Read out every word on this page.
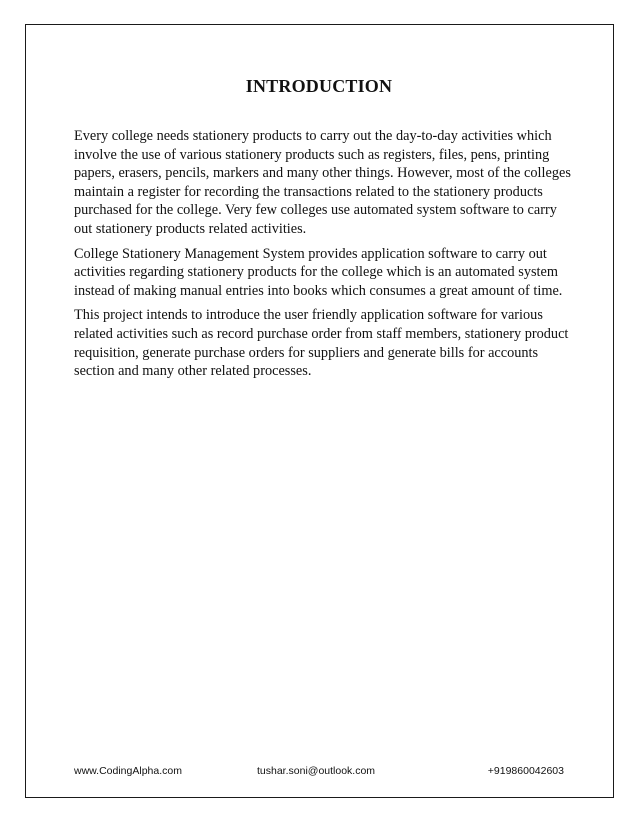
INTRODUCTION

Every college needs stationery products to carry out the day-to-day activities which involve the use of various stationery products such as registers, files, pens, printing papers, erasers, pencils, markers and many other things. However, most of the colleges maintain a register for recording the transactions related to the stationery products purchased for the college. Very few colleges use automated system software to carry out stationery products related activities.

College Stationery Management System provides application software to carry out activities regarding stationery products for the college which is an automated system instead of making manual entries into books which consumes a great amount of time.

This project intends to introduce the user friendly application software for various related activities such as record purchase order from staff members, stationery product requisition, generate purchase orders for suppliers and generate bills for accounts section and many other related processes.

www.CodingAlpha.com	tushar.soni@outlook.com	+919860042603
